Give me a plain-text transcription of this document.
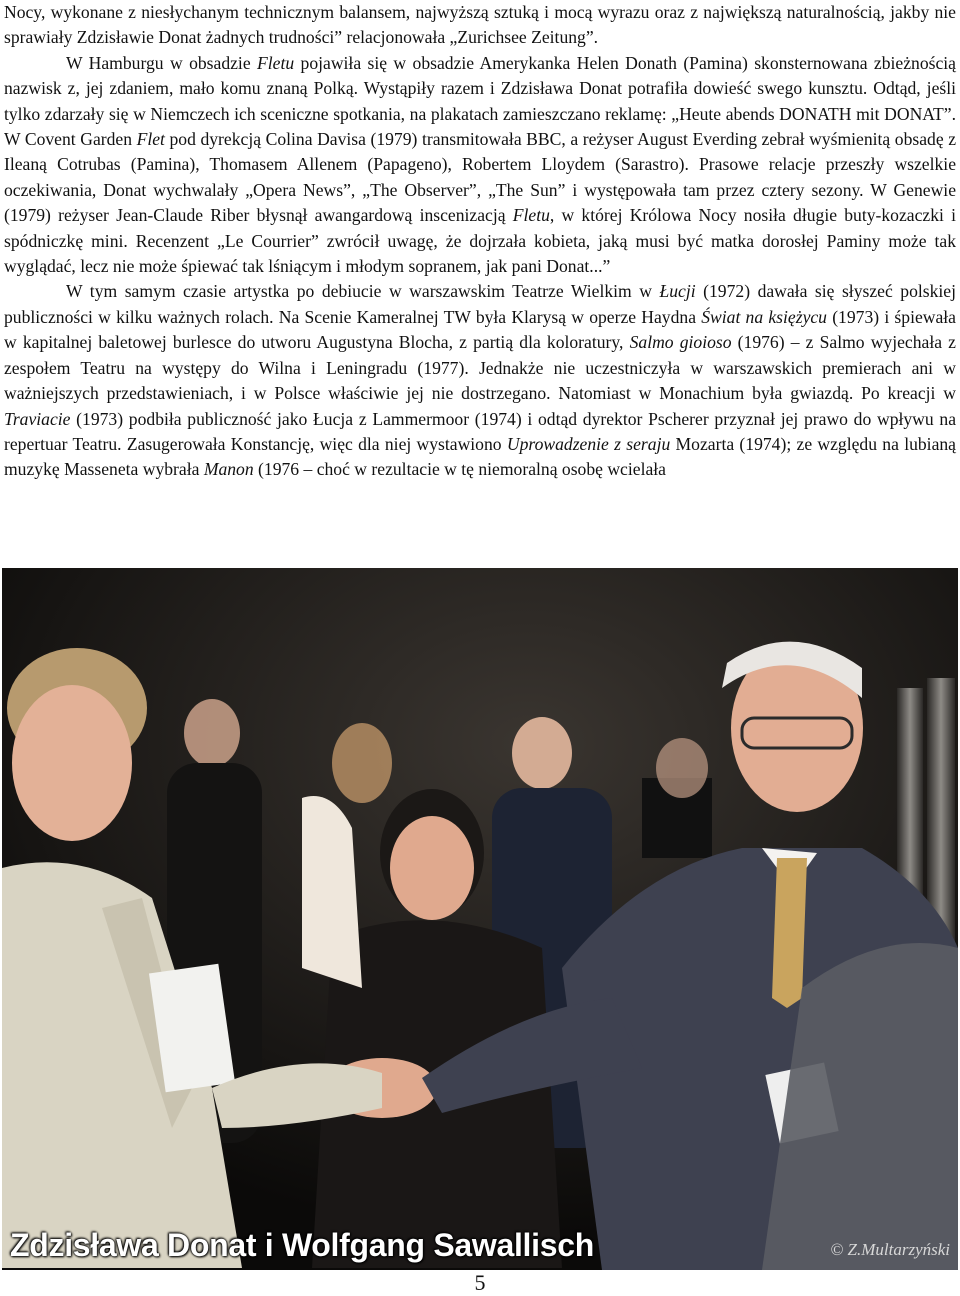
Nocy, wykonane z niesłychanym technicznym balansem, najwyższą sztuką i mocą wyrazu oraz z największą naturalnością, jakby nie sprawiały Zdzisławie Donat żadnych trudności” relacjonowała „Zurichsee Zeitung”.

W Hamburgu w obsadzie Fletu pojawiła się w obsadzie Amerykanka Helen Donath (Pamina) skonsternowana zbieżnością nazwisk z, jej zdaniem, mało komu znaną Polką. Wystąpiły razem i Zdzisława Donat potrafiła dowieść swego kunsztu. Odtąd, jeśli tylko zdarzały się w Niemczech ich sceniczne spotkania, na plakatach zamieszczano reklamę: „Heute abends DONATH mit DONAT”. W Covent Garden Flet pod dyrekcją Colina Davisa (1979) transmitowała BBC, a reżyser August Everding zebrał wyśmienitą obsadę z Ileaną Cotrubas (Pamina), Thomasem Allenem (Papageno), Robertem Lloydem (Sarastro). Prasowe relacje przeszły wszelkie oczekiwania, Donat wychwalały „Opera News”, „The Observer”, „The Sun” i występowała tam przez cztery sezony. W Genewie (1979) reżyser Jean-Claude Riber błysnął awangardową inscenizacją Fletu, w której Królowa Nocy nosiła długie buty-kozaczki i spódniczkę mini. Recenzent „Le Courrier” zwrócił uwagę, że dojrzała kobieta, jaką musi być matka dorosłej Paminy może tak wyglądać, lecz nie może śpiewać tak lśniącym i młodym sopranem, jak pani Donat...”

W tym samym czasie artystka po debiucie w warszawskim Teatrze Wielkim w Łucji (1972) dawała się słyszeć polskiej publiczności w kilku ważnych rolach. Na Scenie Kameralnej TW była Klarysą w operze Haydna Świat na księżycu (1973) i śpiewała w kapitalnej baletowej burlesce do utworu Augustyna Blocha, z partią dla koloratury, Salmo gioioso (1976) – z Salmo wyjechała z zespołem Teatru na występy do Wilna i Leningradu (1977). Jednakże nie uczestniczyła w warszawskich premierach ani w ważniejszych przedstawieniach, i w Polsce właściwie jej nie dostrzegano. Natomiast w Monachium była gwiazdą. Po kreacji w Traviacie (1973) podbiła publiczność jako Łucja z Lammermoor (1974) i odtąd dyrektor Pscherer przyznał jej prawo do wpływu na repertuar Teatru. Zasugerowała Konstancję, więc dla niej wystawiono Uprowadzenie z seraju Mozarta (1974); ze względu na lubianą muzykę Masseneta wybrała Manon (1976 – choć w rezultacie w tę niemoralną osobę wcielała

Zdzisława Donat i Wolfgang Sawallisch	© Z.Multarzyński
5
